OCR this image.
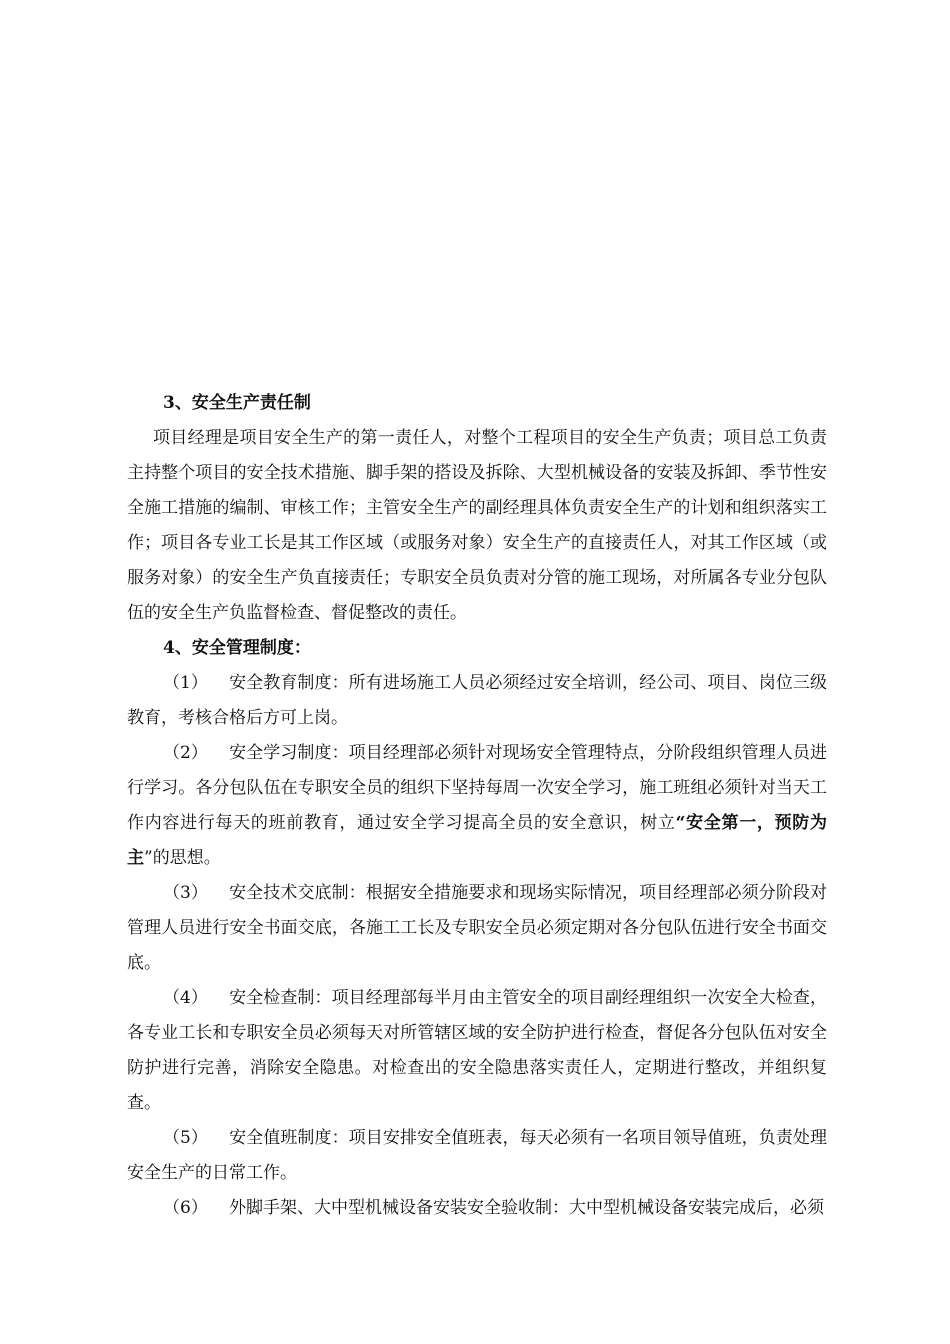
3、安全生产责任制
项目经理是项目安全生产的第一责任人，对整个工程项目的安全生产负责；项目总工负责主持整个项目的安全技术措施、脚手架的搭设及拆除、大型机械设备的安装及拆卸、季节性安全施工措施的编制、审核工作；主管安全生产的副经理具体负责安全生产的计划和组织落实工作；项目各专业工长是其工作区域（或服务对象）安全生产的直接责任人，对其工作区域（或服务对象）的安全生产负直接责任；专职安全员负责对分管的施工现场，对所属各专业分包队伍的安全生产负监督检查、督促整改的责任。
4、安全管理制度：
（1） 安全教育制度：所有进场施工人员必须经过安全培训，经公司、项目、岗位三级教育，考核合格后方可上岗。
（2） 安全学习制度：项目经理部必须针对现场安全管理特点，分阶段组织管理人员进行学习。各分包队伍在专职安全员的组织下坚持每周一次安全学习，施工班组必须针对当天工作内容进行每天的班前教育，通过安全学习提高全员的安全意识，树立“安全第一，预防为主”的思想。
（3） 安全技术交底制：根据安全措施要求和现场实际情况，项目经理部必须分阶段对管理人员进行安全书面交底，各施工工长及专职安全员必须定期对各分包队伍进行安全书面交底。
（4） 安全检查制：项目经理部每半月由主管安全的项目副经理组织一次安全大检查，各专业工长和专职安全员必须每天对所管辖区域的安全防护进行检查，督促各分包队伍对安全防护进行完善，消除安全隐患。对检查出的安全隐患落实责任人，定期进行整改，并组织复查。
（5） 安全值班制度：项目安排安全值班表，每天必须有一名项目领导值班，负责处理安全生产的日常工作。
（6） 外脚手架、大中型机械设备安装安全验收制：大中型机械设备安装完成后，必须
